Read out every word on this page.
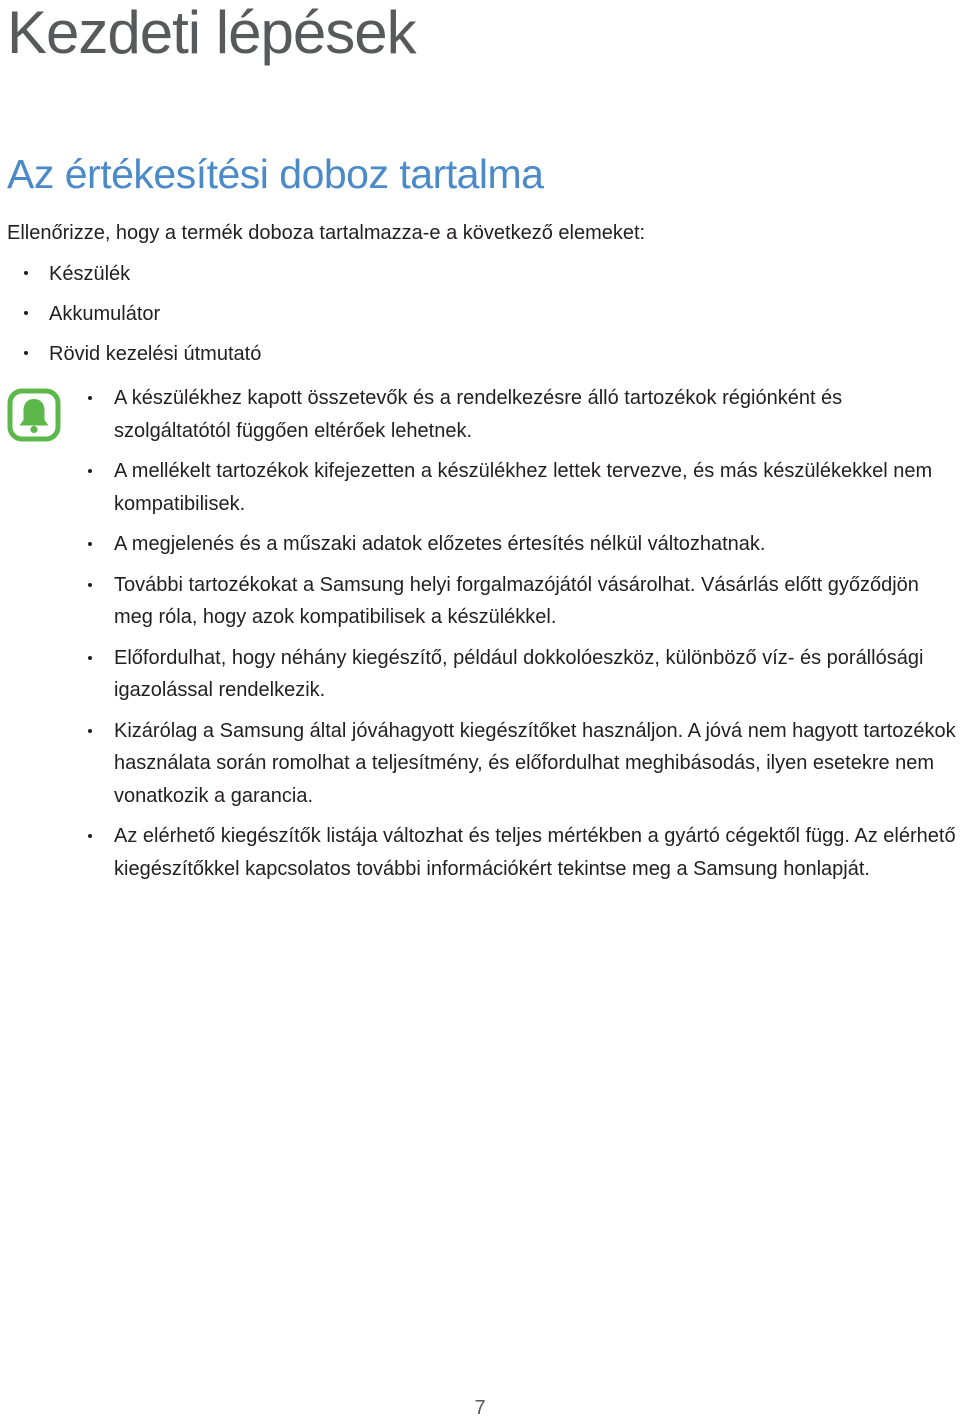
Kezdeti lépések
Az értékesítési doboz tartalma

Ellenőrizze, hogy a termék doboza tartalmazza-e a következő elemeket:

Készülék
Akkumulátor
Rövid kezelési útmutató
A készülékhez kapott összetevők és a rendelkezésre álló tartozékok régiónként és szolgáltatótól függően eltérőek lehetnek.
A mellékelt tartozékok kifejezetten a készülékhez lettek tervezve, és más készülékekkel nem kompatibilisek.
A megjelenés és a műszaki adatok előzetes értesítés nélkül változhatnak.
További tartozékokat a Samsung helyi forgalmazójától vásárolhat. Vásárlás előtt győződjön meg róla, hogy azok kompatibilisek a készülékkel.
Előfordulhat, hogy néhány kiegészítő, például dokkolóeszköz, különböző víz- és porállósági igazolással rendelkezik.
Kizárólag a Samsung által jóváhagyott kiegészítőket használjon. A jóvá nem hagyott tartozékok használata során romolhat a teljesítmény, és előfordulhat meghibásodás, ilyen esetekre nem vonatkozik a garancia.
Az elérhető kiegészítők listája változhat és teljes mértékben a gyártó cégektől függ. Az elérhető kiegészítőkkel kapcsolatos további információkért tekintse meg a Samsung honlapját.
7
